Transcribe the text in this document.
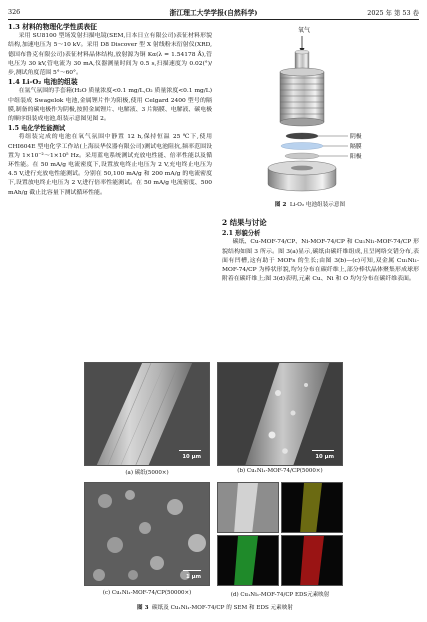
326	浙江理工大学学报(自然科学)	2025 年 第 53 卷
1.3 材料的物理化学性质表征

采用 SU8100 型场发射扫描电镜(SEM,日本日立有限公司)表征材料形貌结构,加速电压为 5～10 kV。采用 D8 Discover 型 X 射线粉末衍射仪(XRD,德国布鲁克有限公司)表征材料晶体结构,放射源为铜 Kα(λ = 1.54178 Å),管电压为 30 kV,管电流为 30 mA,仪器测量时间为 0.5 s,扫描速度为 0.02(°)/步,测试角度范围 5°～60°。

1.4 Li-O₂ 电池的组装

在氩气氛围的手套箱(H₂O 质量浓度<0.1 mg/L,O₂ 质量浓度<0.1 mg/L)中组装成 Swagelok 电池,金属锂片作为阳极,使用 Celgard 2400 型号的隔膜,制备的碳电极作为阴极,按照金属锂片、电解液、3 片隔膜、电解液、碳电极的顺序组装成电池,组装示意图见图 2。

1.5 电化学性能测试

将组装完成的电池在氧气氛围中静置 12 h,保持恒温 25 ℃下,使用 CHI604E 型电化学工作站(上海辰华仪器有限公司)测试电池阻抗,频率范围设置为 1×10⁻²～1×10⁵ Hz。采用蓝电系统测试充放电性能、倍率性能以及循环性能。在 50 mA/g 电流密度下,设置放电终止电压为 2 V,充电终止电压为 4.5 V,进行充放电性能测试。分别在 50,100 mA/g 和 200 mA/g 的电流密度下,设置放电终止电压为 2 V,进行倍率性能测试。在 50 mA/g 电流密度、500 mAh/g 截止比容量下测试循环性能。

氧气
阴极
隔膜
阳极
图 2 Li-O₂ 电池组装示意图
2 结果与讨论
2.1 形貌分析

碳纸、Cu-MOF-74/CP、Ni-MOF-74/CP 和 Cu₁Ni₁-MOF-74/CP 形貌结构如图 3 所示。图 3(a)显示,碳纸由碳纤维组成,且呈网络交错分布,表面有凹槽,这有助于 MOFs 的生长;由图 3(b)—(c)可知,双金属 Cu₁Ni₁-MOF-74/CP 为棒状形貌,均匀分布在碳纤维上,部分棒状晶体聚集形成球形附着在碳纤维上;图 3(d)表明,元素 Cu、Ni 和 O 均匀分布在碳纤维表面。

10 μm	10 μm
(a) 碳纸(5000×)	(b) Cu₁Ni₁-MOF-74/CP(5000×)
1 μm
(c) Cu₁Ni₁-MOF-74/CP(50000×)	(d) Cu₁Ni₁-MOF-74/CP EDS元素映射
图 3 碳纸及 Cu₁Ni₁-MOF-74/CP 的 SEM 和 EDS 元素映射
